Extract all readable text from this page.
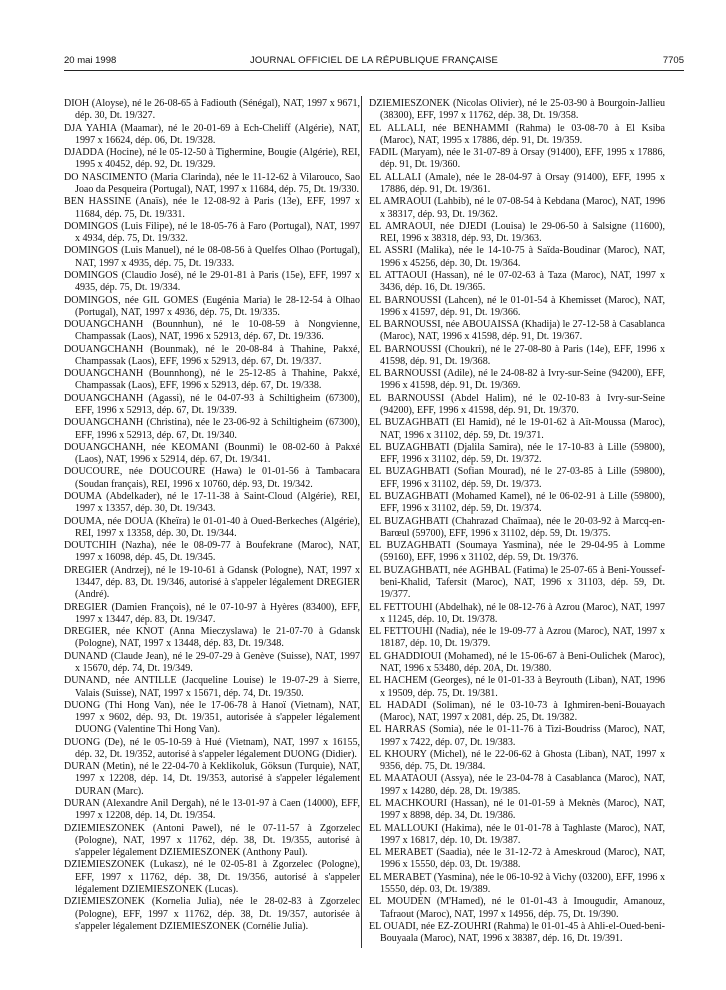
20 mai 1998	JOURNAL OFFICIEL DE LA RÉPUBLIQUE FRANÇAISE	7705

DIOH (Aloyse), né le 26-08-65 à Fadiouth (Sénégal), NAT, 1997 x 9671, dép. 30, Dt. 19/327.

DJA YAHIA (Maamar), né le 20-01-69 à Ech-Cheliff (Algérie), NAT, 1997 x 16624, dép. 06, Dt. 19/328.

DJADDA (Hocine), né le 05-12-50 à Tighermine, Bougie (Algérie), REI, 1995 x 40452, dép. 92, Dt. 19/329.

DO NASCIMENTO (Maria Clarinda), née le 11-12-62 à Vilarouco, Sao Joao da Pesqueira (Portugal), NAT, 1997 x 11684, dép. 75, Dt. 19/330.

BEN HASSINE (Anaïs), née le 12-08-92 à Paris (13e), EFF, 1997 x 11684, dép. 75, Dt. 19/331.

DOMINGOS (Luis Filipe), né le 18-05-76 à Faro (Portugal), NAT, 1997 x 4934, dép. 75, Dt. 19/332.

DOMINGOS (Luis Manuel), né le 08-08-56 à Quelfes Olhao (Portugal), NAT, 1997 x 4935, dép. 75, Dt. 19/333.

DOMINGOS (Claudio José), né le 29-01-81 à Paris (15e), EFF, 1997 x 4935, dép. 75, Dt. 19/334.

DOMINGOS, née GIL GOMES (Eugénia Maria) le 28-12-54 à Olhao (Portugal), NAT, 1997 x 4936, dép. 75, Dt. 19/335.

DOUANGCHANH (Bounnhun), né le 10-08-59 à Nongvienne, Champassak (Laos), NAT, 1996 x 52913, dép. 67, Dt. 19/336.

DOUANGCHANH (Bounmak), né le 20-08-84 à Thahine, Pakxé, Champassak (Laos), EFF, 1996 x 52913, dép. 67, Dt. 19/337.

DOUANGCHANH (Bounnhong), né le 25-12-85 à Thahine, Pakxé, Champassak (Laos), EFF, 1996 x 52913, dép. 67, Dt. 19/338.

DOUANGCHANH (Agassi), né le 04-07-93 à Schiltigheim (67300), EFF, 1996 x 52913, dép. 67, Dt. 19/339.

DOUANGCHANH (Christina), née le 23-06-92 à Schiltigheim (67300), EFF, 1996 x 52913, dép. 67, Dt. 19/340.

DOUANGCHANH, née KEOMANI (Bounmi) le 08-02-60 à Pakxé (Laos), NAT, 1996 x 52914, dép. 67, Dt. 19/341.

DOUCOURE, née DOUCOURE (Hawa) le 01-01-56 à Tambacara (Soudan français), REI, 1996 x 10760, dép. 93, Dt. 19/342.

DOUMA (Abdelkader), né le 17-11-38 à Saint-Cloud (Algérie), REI, 1997 x 13357, dép. 30, Dt. 19/343.

DOUMA, née DOUA (Kheïra) le 01-01-40 à Oued-Berkeches (Algérie), REI, 1997 x 13358, dép. 30, Dt. 19/344.

DOUTCHIH (Nazha), née le 08-09-77 à Boufekrane (Maroc), NAT, 1997 x 16098, dép. 45, Dt. 19/345.

DREGIER (Andrzej), né le 19-10-61 à Gdansk (Pologne), NAT, 1997 x 13447, dép. 83, Dt. 19/346, autorisé à s'appeler légalement DREGIER (André).

DREGIER (Damien François), né le 07-10-97 à Hyères (83400), EFF, 1997 x 13447, dép. 83, Dt. 19/347.

DREGIER, née KNOT (Anna Mieczyslawa) le 21-07-70 à Gdansk (Pologne), NAT, 1997 x 13448, dép. 83, Dt. 19/348.

DUNAND (Claude Jean), né le 29-07-29 à Genève (Suisse), NAT, 1997 x 15670, dép. 74, Dt. 19/349.

DUNAND, née ANTILLE (Jacqueline Louise) le 19-07-29 à Sierre, Valais (Suisse), NAT, 1997 x 15671, dép. 74, Dt. 19/350.

DUONG (Thi Hong Van), née le 17-06-78 à Hanoï (Vietnam), NAT, 1997 x 9602, dép. 93, Dt. 19/351, autorisée à s'appeler légalement DUONG (Valentine Thi Hong Van).

DUONG (De), né le 05-10-59 à Hué (Vietnam), NAT, 1997 x 16155, dép. 32, Dt. 19/352, autorisé à s'appeler légalement DUONG (Didier).

DURAN (Metin), né le 22-04-70 à Keklikoluk, Göksun (Turquie), NAT, 1997 x 12208, dép. 14, Dt. 19/353, autorisé à s'appeler légalement DURAN (Marc).

DURAN (Alexandre Anil Dergah), né le 13-01-97 à Caen (14000), EFF, 1997 x 12208, dép. 14, Dt. 19/354.

DZIEMIESZONEK (Antoni Pawel), né le 07-11-57 à Zgorzelec (Pologne), NAT, 1997 x 11762, dép. 38, Dt. 19/355, autorisé à s'appeler légalement DZIEMIESZONEK (Anthony Paul).

DZIEMIESZONEK (Lukasz), né le 02-05-81 à Zgorzelec (Pologne), EFF, 1997 x 11762, dép. 38, Dt. 19/356, autorisé à s'appeler légalement DZIEMIESZONEK (Lucas).

DZIEMIESZONEK (Kornelia Julia), née le 28-02-83 à Zgorzelec (Pologne), EFF, 1997 x 11762, dép. 38, Dt. 19/357, autorisée à s'appeler légalement DZIEMIESZONEK (Cornélie Julia).

DZIEMIESZONEK (Nicolas Olivier), né le 25-03-90 à Bourgoin-Jallieu (38300), EFF, 1997 x 11762, dép. 38, Dt. 19/358.

EL ALLALI, née BENHAMMI (Rahma) le 03-08-70 à El Ksiba (Maroc), NAT, 1995 x 17886, dép. 91, Dt. 19/359.

FADIL (Maryam), née le 31-07-89 à Orsay (91400), EFF, 1995 x 17886, dép. 91, Dt. 19/360.

EL ALLALI (Amale), née le 28-04-97 à Orsay (91400), EFF, 1995 x 17886, dép. 91, Dt. 19/361.

EL AMRAOUI (Lahbib), né le 07-08-54 à Kebdana (Maroc), NAT, 1996 x 38317, dép. 93, Dt. 19/362.

EL AMRAOUI, née DJEDI (Louisa) le 29-06-50 à Salsigne (11600), REI, 1996 x 38318, dép. 93, Dt. 19/363.

EL ASSRI (Malika), née le 14-10-75 à Saïda-Boudinar (Maroc), NAT, 1996 x 45256, dép. 30, Dt. 19/364.

EL ATTAOUI (Hassan), né le 07-02-63 à Taza (Maroc), NAT, 1997 x 3436, dép. 16, Dt. 19/365.

EL BARNOUSSI (Lahcen), né le 01-01-54 à Khemisset (Maroc), NAT, 1996 x 41597, dép. 91, Dt. 19/366.

EL BARNOUSSI, née ABOUAISSA (Khadija) le 27-12-58 à Casablanca (Maroc), NAT, 1996 x 41598, dép. 91, Dt. 19/367.

EL BARNOUSSI (Choukri), né le 27-08-80 à Paris (14e), EFF, 1996 x 41598, dép. 91, Dt. 19/368.

EL BARNOUSSI (Adile), né le 24-08-82 à Ivry-sur-Seine (94200), EFF, 1996 x 41598, dép. 91, Dt. 19/369.

EL BARNOUSSI (Abdel Halim), né le 02-10-83 à Ivry-sur-Seine (94200), EFF, 1996 x 41598, dép. 91, Dt. 19/370.

EL BUZAGHBATI (El Hamid), né le 19-01-62 à Aït-Moussa (Maroc), NAT, 1996 x 31102, dép. 59, Dt. 19/371.

EL BUZAGHBATI (Djalila Samira), née le 17-10-83 à Lille (59800), EFF, 1996 x 31102, dép. 59, Dt. 19/372.

EL BUZAGHBATI (Sofian Mourad), né le 27-03-85 à Lille (59800), EFF, 1996 x 31102, dép. 59, Dt. 19/373.

EL BUZAGHBATI (Mohamed Kamel), né le 06-02-91 à Lille (59800), EFF, 1996 x 31102, dép. 59, Dt. 19/374.

EL BUZAGHBATI (Chahrazad Chaïmaa), née le 20-03-92 à Marcq-en-Barœul (59700), EFF, 1996 x 31102, dép. 59, Dt. 19/375.

EL BUZAGHBATI (Soumaya Yasmina), née le 29-04-95 à Lomme (59160), EFF, 1996 x 31102, dép. 59, Dt. 19/376.

EL BUZAGHBATI, née AGHBAL (Fatima) le 25-07-65 à Beni-Youssef-beni-Khalid, Tafersit (Maroc), NAT, 1996 x 31103, dép. 59, Dt. 19/377.

EL FETTOUHI (Abdelhak), né le 08-12-76 à Azrou (Maroc), NAT, 1997 x 11245, dép. 10, Dt. 19/378.

EL FETTOUHI (Nadia), née le 19-09-77 à Azrou (Maroc), NAT, 1997 x 18187, dép. 10, Dt. 19/379.

EL GHADDIOUI (Mohamed), né le 15-06-67 à Beni-Oulichek (Maroc), NAT, 1996 x 53480, dép. 20A, Dt. 19/380.

EL HACHEM (Georges), né le 01-01-33 à Beyrouth (Liban), NAT, 1996 x 19509, dép. 75, Dt. 19/381.

EL HADADI (Soliman), né le 03-10-73 à Ighmiren-beni-Bouayach (Maroc), NAT, 1997 x 2081, dép. 25, Dt. 19/382.

EL HARRAS (Somia), née le 01-11-76 à Tizi-Boudriss (Maroc), NAT, 1997 x 7422, dép. 07, Dt. 19/383.

EL KHOURY (Michel), né le 22-06-62 à Ghosta (Liban), NAT, 1997 x 9356, dép. 75, Dt. 19/384.

EL MAATAOUI (Assya), née le 23-04-78 à Casablanca (Maroc), NAT, 1997 x 14280, dép. 28, Dt. 19/385.

EL MACHKOURI (Hassan), né le 01-01-59 à Meknès (Maroc), NAT, 1997 x 8898, dép. 34, Dt. 19/386.

EL MALLOUKI (Hakima), née le 01-01-78 à Taghlaste (Maroc), NAT, 1997 x 16817, dép. 10, Dt. 19/387.

EL MERABET (Saadia), née le 31-12-72 à Ameskroud (Maroc), NAT, 1996 x 15550, dép. 03, Dt. 19/388.

EL MERABET (Yasmina), née le 06-10-92 à Vichy (03200), EFF, 1996 x 15550, dép. 03, Dt. 19/389.

EL MOUDEN (M'Hamed), né le 01-01-43 à Imougudir, Amanouz, Tafraout (Maroc), NAT, 1997 x 14956, dép. 75, Dt. 19/390.

EL OUADI, née EZ-ZOUHRI (Rahma) le 01-01-45 à Ahli-el-Oued-beni-Bouyaala (Maroc), NAT, 1996 x 38387, dép. 16, Dt. 19/391.
